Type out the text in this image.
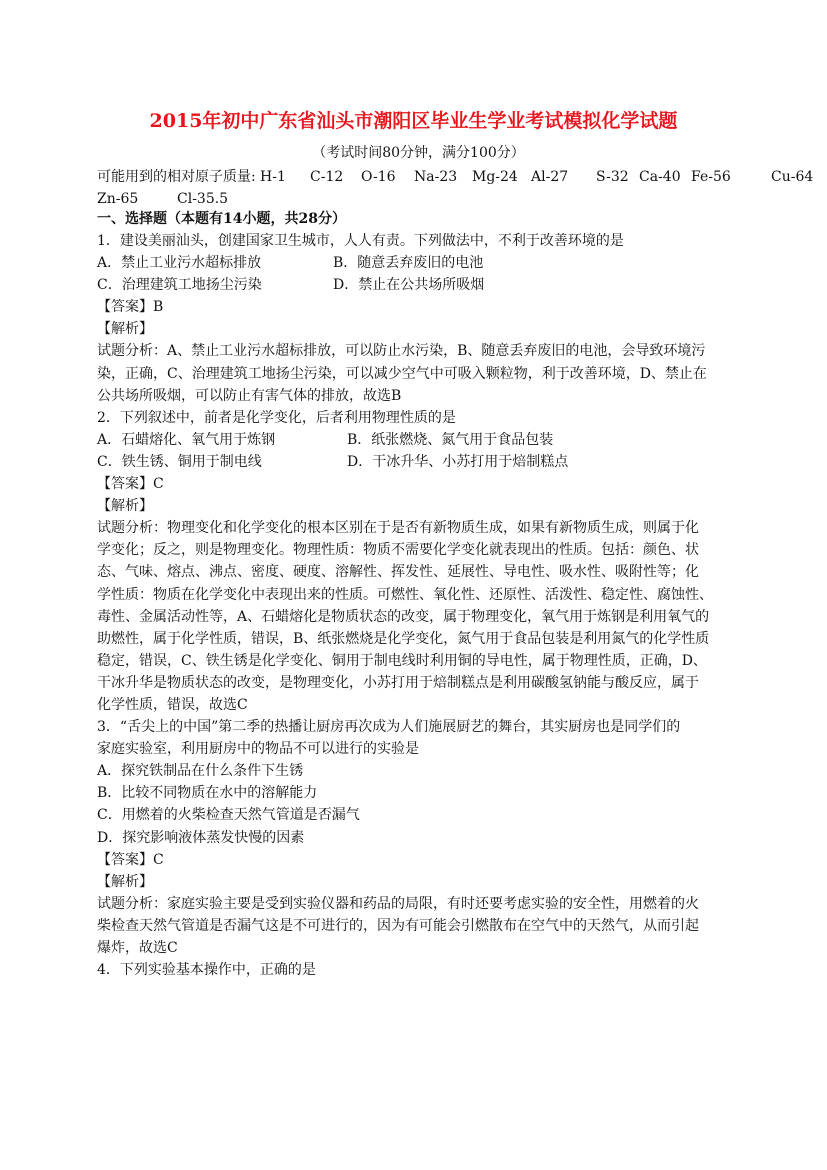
2015年初中广东省汕头市潮阳区毕业生学业考试模拟化学试题
（考试时间80分钟，满分100分）
可能用到的相对原子质量: H-1 C-12 O-16 Na-23 Mg-24 Al-27 S-32 Ca-40 Fe-56	Cu-64
Zn-65	Cl-35.5
一、选择题（本题有14小题，共28分）
1．建设美丽汕头，创建国家卫生城市，人人有责。下列做法中，不利于改善环境的是
A．禁止工业污水超标排放	B．随意丢弃废旧的电池
C．治理建筑工地扬尘污染	D．禁止在公共场所吸烟
【答案】B
【解析】
试题分析：A、禁止工业污水超标排放，可以防止水污染，B、随意丢弃废旧的电池，会导致环境污
染，正确，C、治理建筑工地扬尘污染，可以减少空气中可吸入颗粒物，利于改善环境，D、禁止在
公共场所吸烟，可以防止有害气体的排放，故选B
2．下列叙述中，前者是化学变化，后者利用物理性质的是
A．石蜡熔化、氧气用于炼钢	B．纸张燃烧、氮气用于食品包装
C．铁生锈、铜用于制电线	D．干冰升华、小苏打用于焙制糕点
【答案】C
【解析】
试题分析：物理变化和化学变化的根本区别在于是否有新物质生成，如果有新物质生成，则属于化
学变化；反之，则是物理变化。物理性质：物质不需要化学变化就表现出的性质。包括：颜色、状
态、气味、熔点、沸点、密度、硬度、溶解性、挥发性、延展性、导电性、吸水性、吸附性等；化
学性质：物质在化学变化中表现出来的性质。可燃性、氧化性、还原性、活泼性、稳定性、腐蚀性、
毒性、金属活动性等，A、石蜡熔化是物质状态的改变，属于物理变化，氧气用于炼钢是利用氧气的
助燃性，属于化学性质，错误，B、纸张燃烧是化学变化，氮气用于食品包装是利用氮气的化学性质
稳定，错误，C、铁生锈是化学变化、铜用于制电线时利用铜的导电性，属于物理性质，正确，D、
干冰升华是物质状态的改变，是物理变化，小苏打用于焙制糕点是利用碳酸氢钠能与酸反应，属于
化学性质，错误，故选C
3．“舌尖上的中国”第二季的热播让厨房再次成为人们施展厨艺的舞台，其实厨房也是同学们的
家庭实验室，利用厨房中的物品不可以进行的实验是
A．探究铁制品在什么条件下生锈
B．比较不同物质在水中的溶解能力
C．用燃着的火柴检查天然气管道是否漏气
D．探究影响液体蒸发快慢的因素
【答案】C
【解析】
试题分析：家庭实验主要是受到实验仪器和药品的局限，有时还要考虑实验的安全性，用燃着的火
柴检查天然气管道是否漏气这是不可进行的，因为有可能会引燃散布在空气中的天然气，从而引起
爆炸，故选C
4．下列实验基本操作中，正确的是
